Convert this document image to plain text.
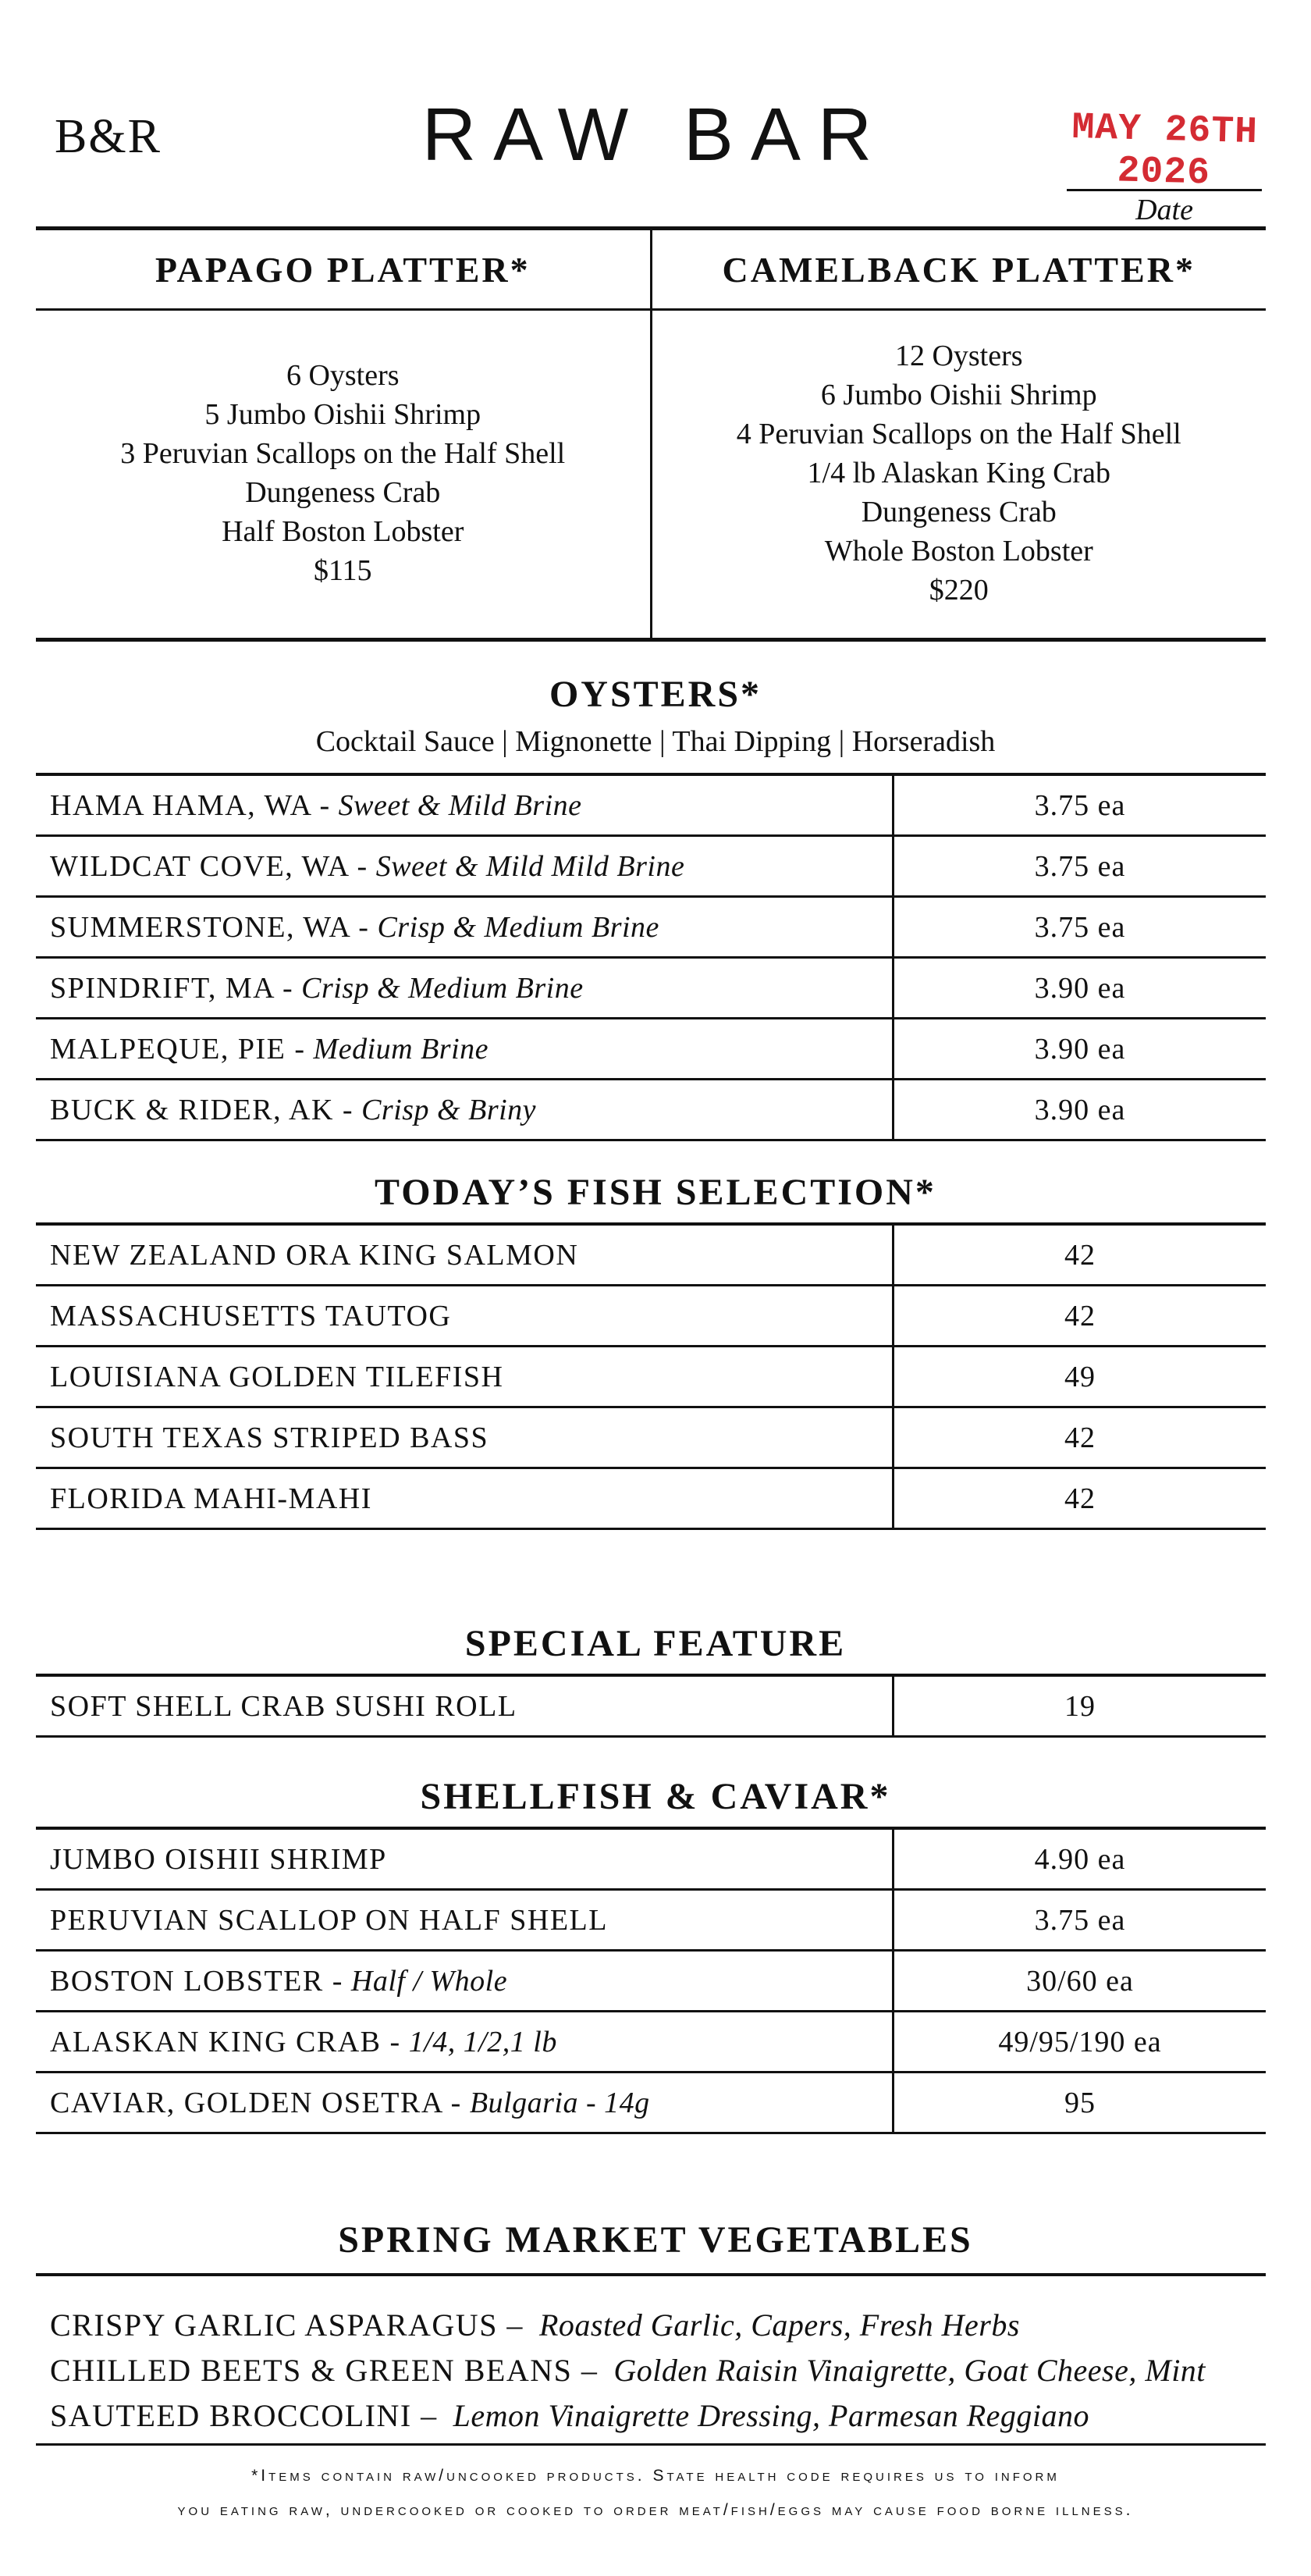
B&R	RAW BAR	MAY 26TH 2026
Date
PAPAGO PLATTER*
6 Oysters
5 Jumbo Oishii Shrimp
3 Peruvian Scallops on the Half Shell
Dungeness Crab
Half Boston Lobster
$115
CAMELBACK PLATTER*
12 Oysters
6 Jumbo Oishii Shrimp
4 Peruvian Scallops on the Half Shell
1/4 lb Alaskan King Crab
Dungeness Crab
Whole Boston Lobster
$220
OYSTERS*
Cocktail Sauce | Mignonette | Thai Dipping | Horseradish
HAMA HAMA, WA - Sweet & Mild Brine	3.75 ea
WILDCAT COVE, WA - Sweet & Mild Mild Brine	3.75 ea
SUMMERSTONE, WA - Crisp & Medium Brine	3.75 ea
SPINDRIFT, MA - Crisp & Medium Brine	3.90 ea
MALPEQUE, PIE - Medium Brine	3.90 ea
BUCK & RIDER, AK - Crisp & Briny	3.90 ea
TODAY’S FISH SELECTION*
NEW ZEALAND ORA KING SALMON	42
MASSACHUSETTS TAUTOG	42
LOUISIANA GOLDEN TILEFISH	49
SOUTH TEXAS STRIPED BASS	42
FLORIDA MAHI-MAHI	42
SPECIAL FEATURE
SOFT SHELL CRAB SUSHI ROLL	19
SHELLFISH & CAVIAR*
JUMBO OISHII SHRIMP	4.90 ea
PERUVIAN SCALLOP ON HALF SHELL	3.75 ea
BOSTON LOBSTER - Half / Whole	30/60 ea
ALASKAN KING CRAB - 1/4, 1/2,1 lb	49/95/190 ea
CAVIAR, GOLDEN OSETRA - Bulgaria - 14g	95
SPRING MARKET VEGETABLES
CRISPY GARLIC ASPARAGUS – Roasted Garlic, Capers, Fresh Herbs
CHILLED BEETS & GREEN BEANS – Golden Raisin Vinaigrette, Goat Cheese, Mint
SAUTEED BROCCOLINI – Lemon Vinaigrette Dressing, Parmesan Reggiano
*Items contain raw/uncooked products. State health code requires us to inform
you eating raw, undercooked or cooked to order meat/fish/eggs may cause food borne illness.
